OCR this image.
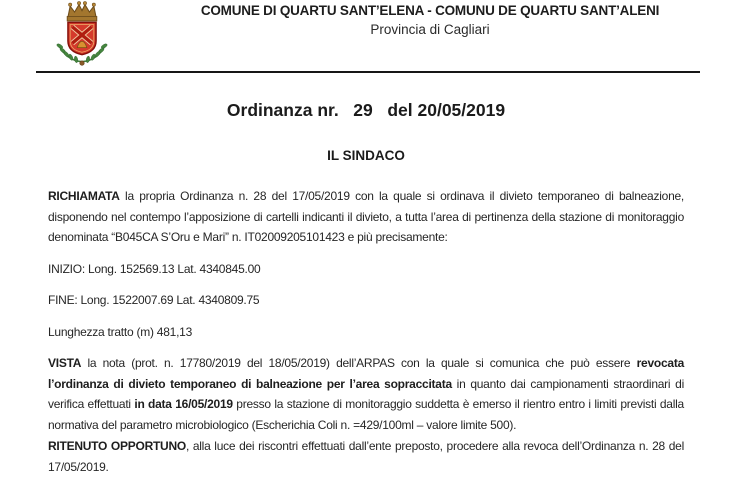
COMUNE DI QUARTU SANT’ELENA - COMUNU DE QUARTU SANT’ALENI
Provincia di Cagliari
Ordinanza nr.   29   del 20/05/2019
IL SINDACO

RICHIAMATA la propria Ordinanza n. 28 del 17/05/2019 con la quale si ordinava il divieto temporaneo di balneazione, disponendo nel contempo l’apposizione di cartelli indicanti il divieto, a tutta l’area di pertinenza della stazione di monitoraggio denominata “B045CA S’Oru e Mari” n. IT02009205101423 e più precisamente:

INIZIO: Long. 152569.13 Lat. 4340845.00

FINE: Long. 1522007.69 Lat. 4340809.75

Lunghezza tratto (m) 481,13

VISTA la nota (prot. n. 17780/2019 del 18/05/2019) dell’ARPAS con la quale si comunica che può essere revocata l’ordinanza di divieto temporaneo di balneazione per l’area sopraccitata in quanto dai campionamenti straordinari di verifica effettuati in data 16/05/2019 presso la stazione di monitoraggio suddetta è emerso il rientro entro i limiti previsti dalla normativa del parametro microbiologico (Escherichia Coli n. =429/100ml – valore limite 500).

RITENUTO OPPORTUNO, alla luce dei riscontri effettuati dall’ente preposto, procedere alla revoca dell’Ordinanza n. 28 del 17/05/2019.
